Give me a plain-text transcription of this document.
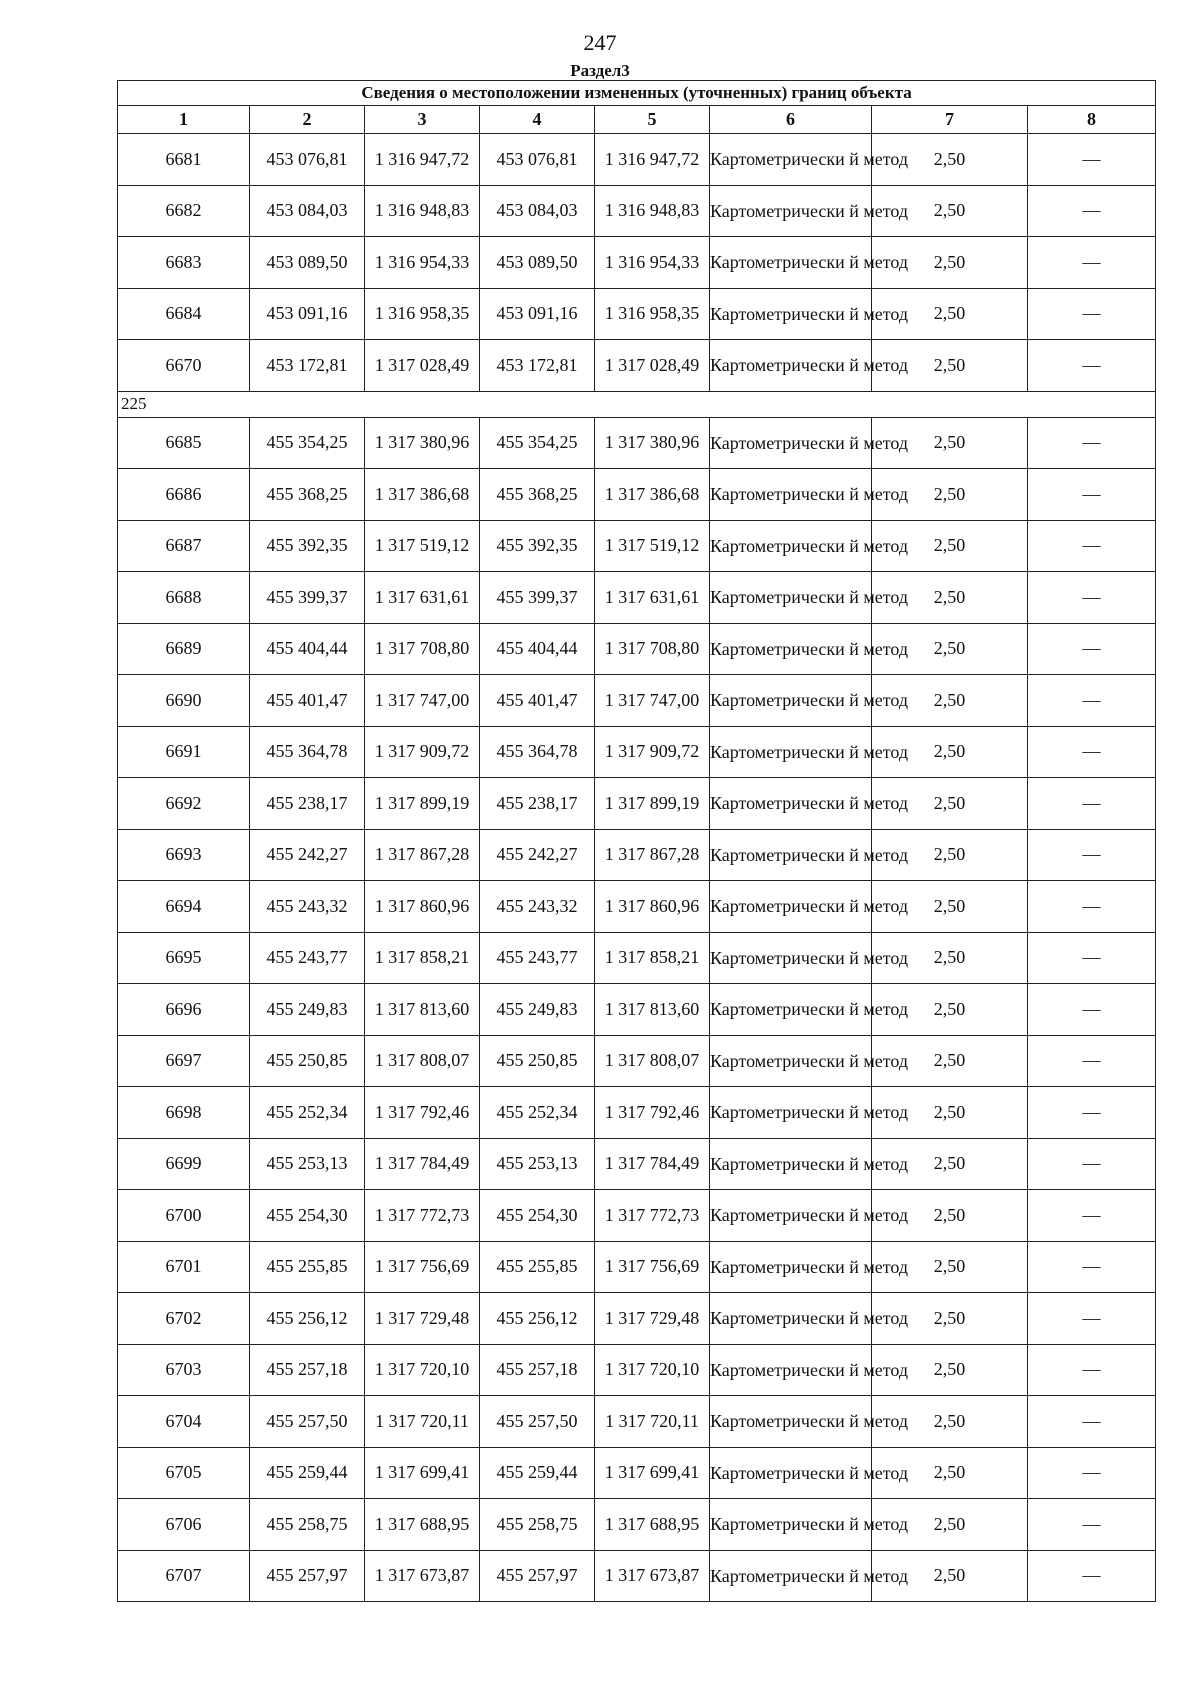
247
Раздел3
Сведения о местоположении измененных (уточненных) границ объекта							
1	2	3	4	5	6	7	8
6681	453 076,81	1 316 947,72	453 076,81	1 316 947,72	Картометрически й метод	2,50	—
6682	453 084,03	1 316 948,83	453 084,03	1 316 948,83	Картометрически й метод	2,50	—
6683	453 089,50	1 316 954,33	453 089,50	1 316 954,33	Картометрически й метод	2,50	—
6684	453 091,16	1 316 958,35	453 091,16	1 316 958,35	Картометрически й метод	2,50	—
6670	453 172,81	1 317 028,49	453 172,81	1 317 028,49	Картометрически й метод	2,50	—
225							
6685	455 354,25	1 317 380,96	455 354,25	1 317 380,96	Картометрически й метод	2,50	—
6686	455 368,25	1 317 386,68	455 368,25	1 317 386,68	Картометрически й метод	2,50	—
6687	455 392,35	1 317 519,12	455 392,35	1 317 519,12	Картометрически й метод	2,50	—
6688	455 399,37	1 317 631,61	455 399,37	1 317 631,61	Картометрически й метод	2,50	—
6689	455 404,44	1 317 708,80	455 404,44	1 317 708,80	Картометрически й метод	2,50	—
6690	455 401,47	1 317 747,00	455 401,47	1 317 747,00	Картометрически й метод	2,50	—
6691	455 364,78	1 317 909,72	455 364,78	1 317 909,72	Картометрически й метод	2,50	—
6692	455 238,17	1 317 899,19	455 238,17	1 317 899,19	Картометрически й метод	2,50	—
6693	455 242,27	1 317 867,28	455 242,27	1 317 867,28	Картометрически й метод	2,50	—
6694	455 243,32	1 317 860,96	455 243,32	1 317 860,96	Картометрически й метод	2,50	—
6695	455 243,77	1 317 858,21	455 243,77	1 317 858,21	Картометрически й метод	2,50	—
6696	455 249,83	1 317 813,60	455 249,83	1 317 813,60	Картометрически й метод	2,50	—
6697	455 250,85	1 317 808,07	455 250,85	1 317 808,07	Картометрически й метод	2,50	—
6698	455 252,34	1 317 792,46	455 252,34	1 317 792,46	Картометрически й метод	2,50	—
6699	455 253,13	1 317 784,49	455 253,13	1 317 784,49	Картометрически й метод	2,50	—
6700	455 254,30	1 317 772,73	455 254,30	1 317 772,73	Картометрически й метод	2,50	—
6701	455 255,85	1 317 756,69	455 255,85	1 317 756,69	Картометрически й метод	2,50	—
6702	455 256,12	1 317 729,48	455 256,12	1 317 729,48	Картометрически й метод	2,50	—
6703	455 257,18	1 317 720,10	455 257,18	1 317 720,10	Картометрически й метод	2,50	—
6704	455 257,50	1 317 720,11	455 257,50	1 317 720,11	Картометрически й метод	2,50	—
6705	455 259,44	1 317 699,41	455 259,44	1 317 699,41	Картометрически й метод	2,50	—
6706	455 258,75	1 317 688,95	455 258,75	1 317 688,95	Картометрически й метод	2,50	—
6707	455 257,97	1 317 673,87	455 257,97	1 317 673,87	Картометрически й метод	2,50	—
